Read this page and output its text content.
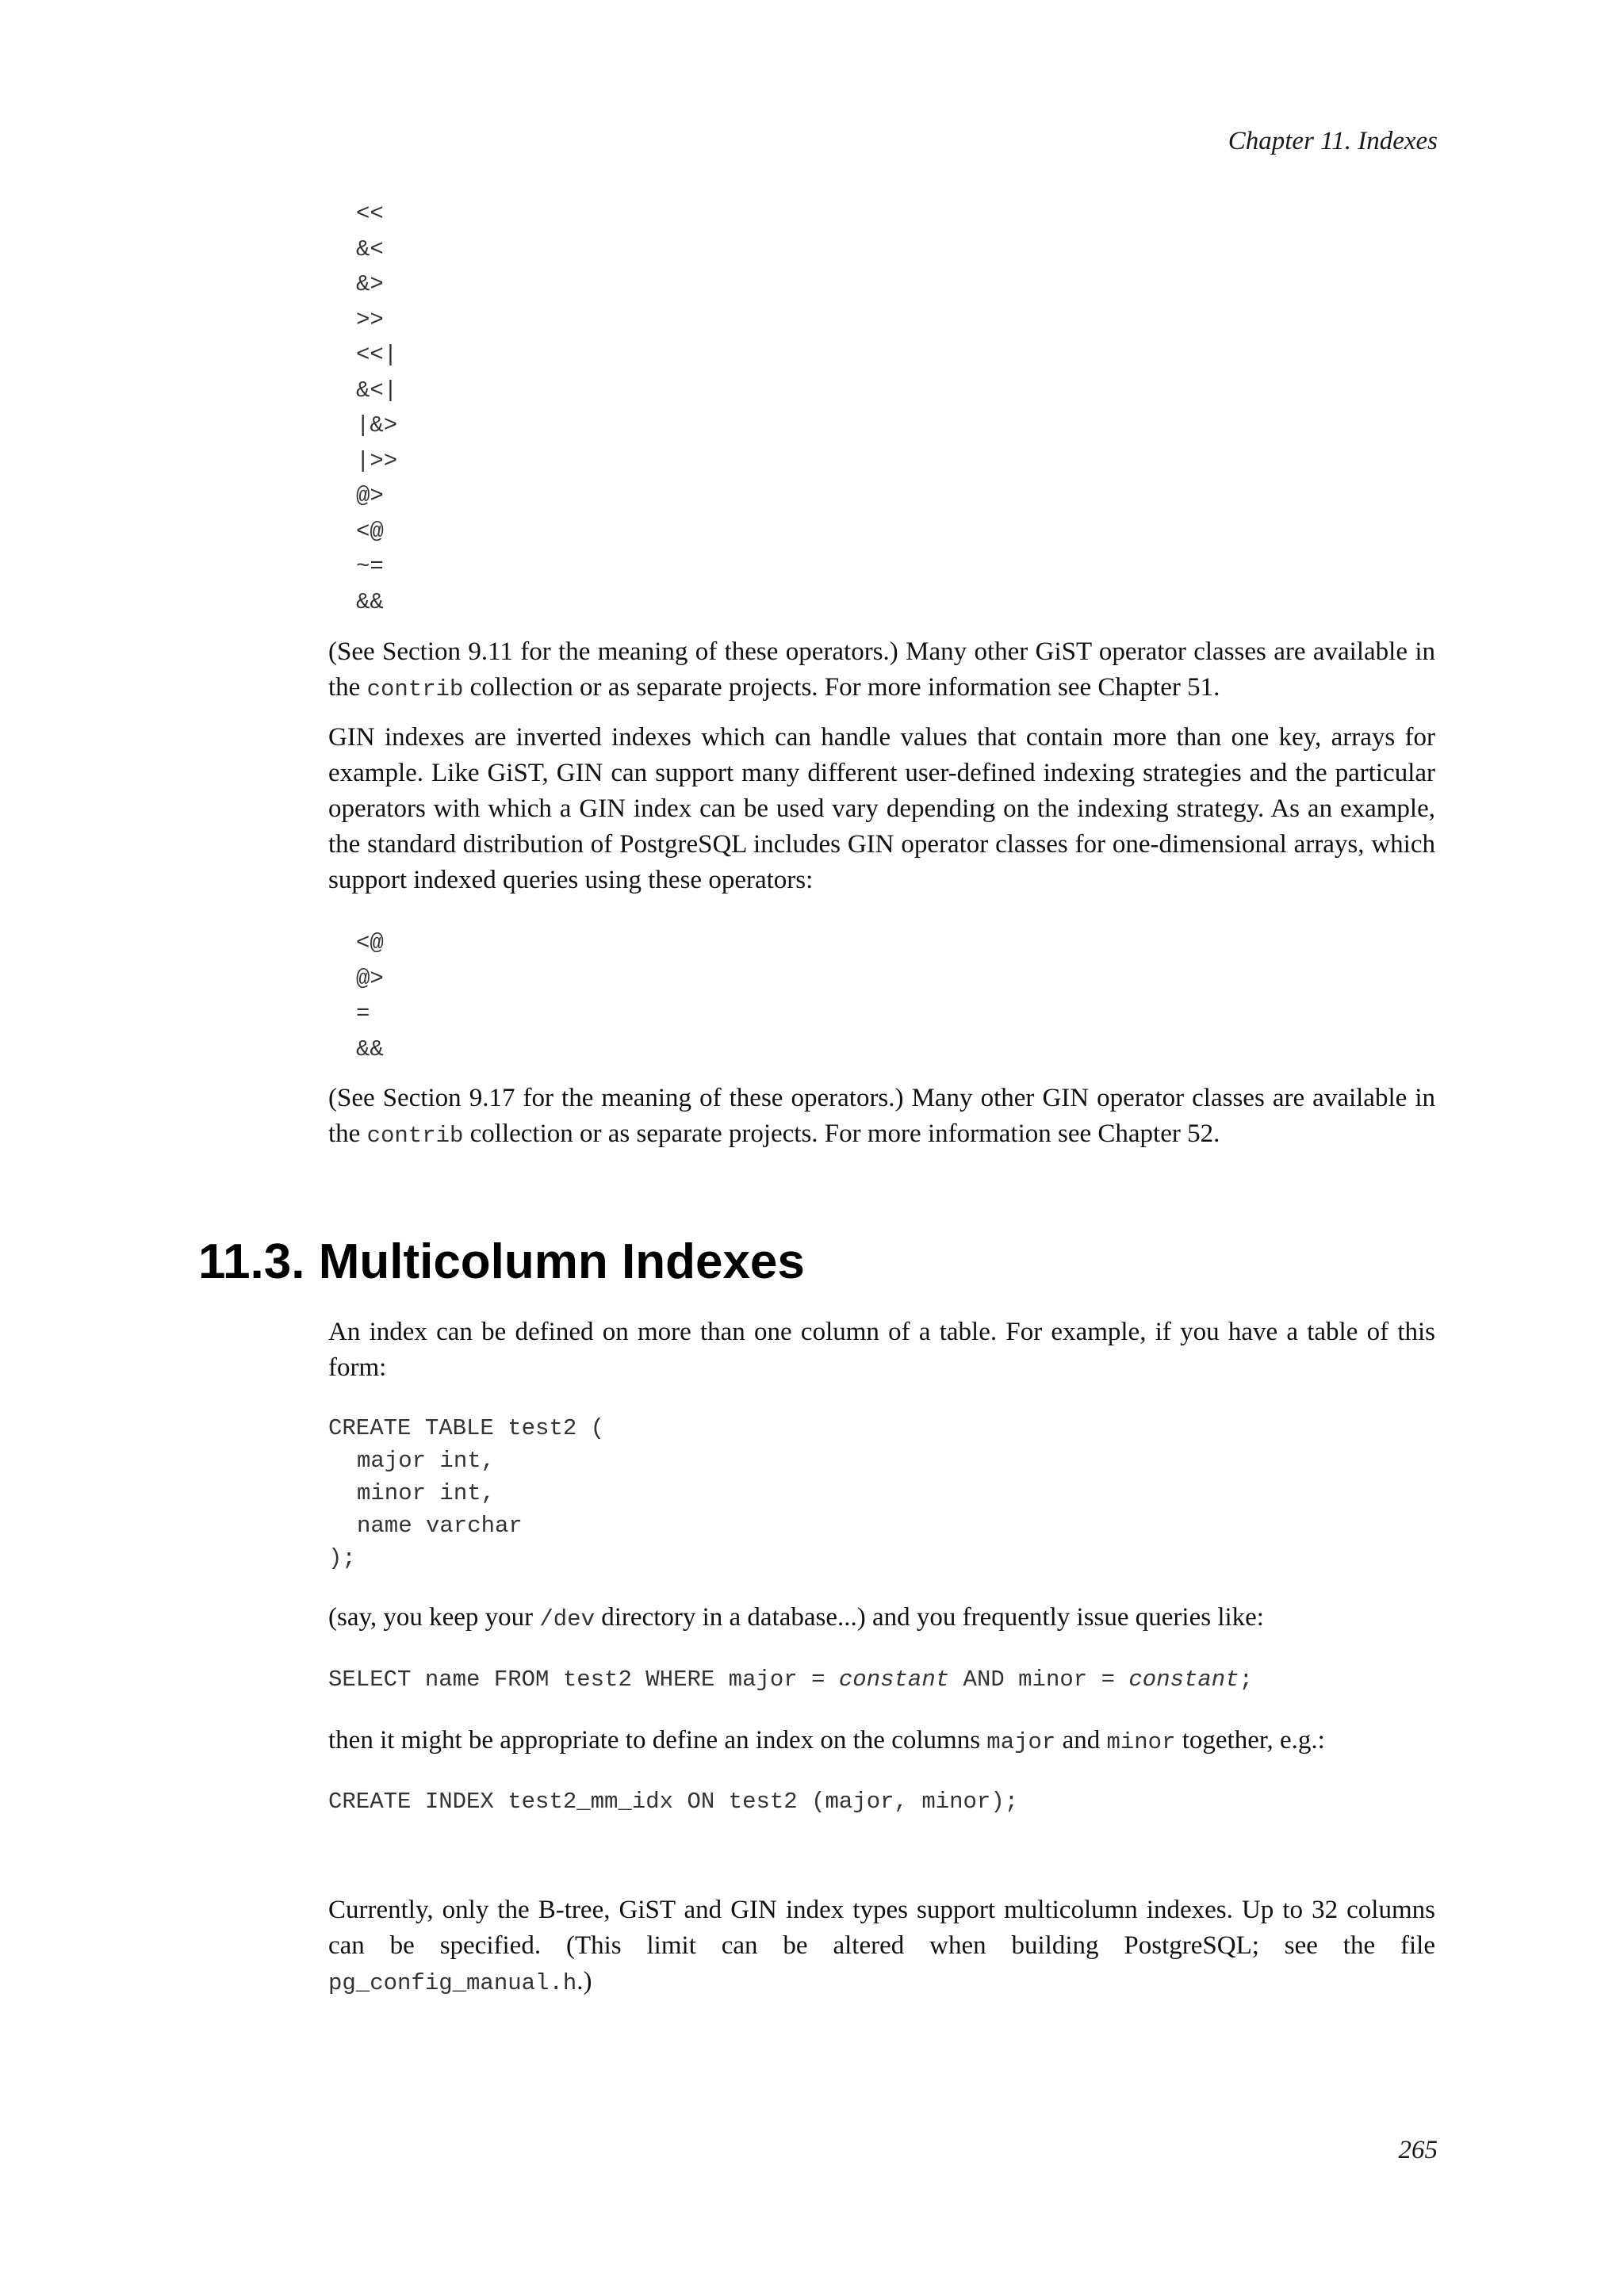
Chapter 11. Indexes
<<
&<
&>
>>
<<|
&<|
|&>
|>>
@>
<@
~=
&&

(See Section 9.11 for the meaning of these operators.) Many other GiST operator classes are available in the contrib collection or as separate projects. For more information see Chapter 51.

GIN indexes are inverted indexes which can handle values that contain more than one key, arrays for example. Like GiST, GIN can support many different user-defined indexing strategies and the particular operators with which a GIN index can be used vary depending on the indexing strategy. As an example, the standard distribution of PostgreSQL includes GIN operator classes for one-dimensional arrays, which support indexed queries using these operators:

<@
@>
=
&&

(See Section 9.17 for the meaning of these operators.) Many other GIN operator classes are available in the contrib collection or as separate projects. For more information see Chapter 52.

11.3. Multicolumn Indexes

An index can be defined on more than one column of a table. For example, if you have a table of this form:

CREATE TABLE test2 (
major int,
minor int,
name varchar
);

(say, you keep your /dev directory in a database...) and you frequently issue queries like:

SELECT name FROM test2 WHERE major = constant AND minor = constant;

then it might be appropriate to define an index on the columns major and minor together, e.g.:

CREATE INDEX test2_mm_idx ON test2 (major, minor);

Currently, only the B-tree, GiST and GIN index types support multicolumn indexes. Up to 32 columns can be specified. (This limit can be altered when building PostgreSQL; see the file pg_config_manual.h.)

265
